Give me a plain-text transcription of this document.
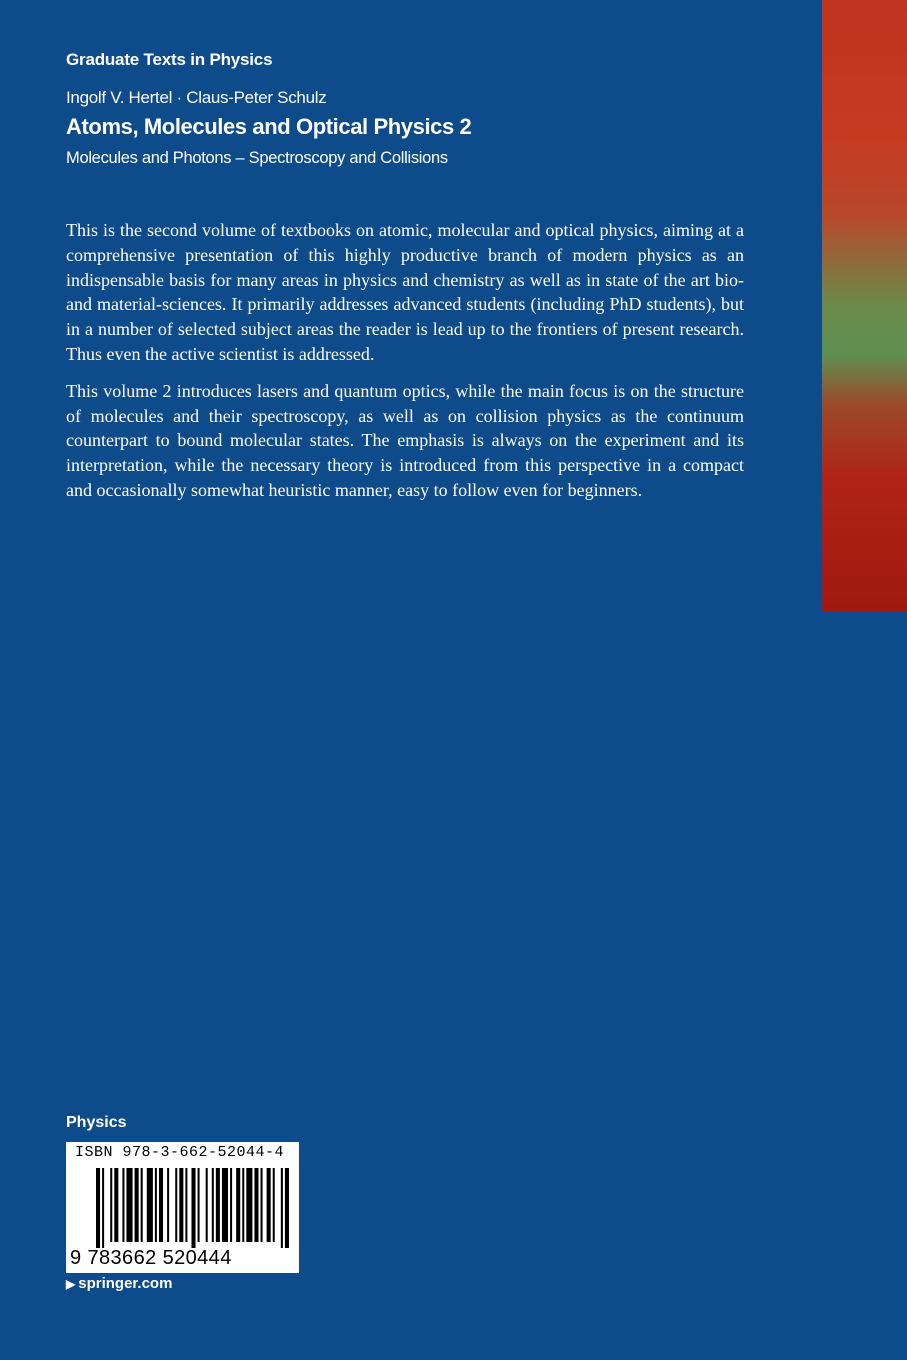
Graduate Texts in Physics
Ingolf V. Hertel · Claus-Peter Schulz
Atoms, Molecules and Optical Physics 2
Molecules and Photons – Spectroscopy and Collisions

This is the second volume of textbooks on atomic, molecular and optical physics, aiming at a comprehensive presentation of this highly productive branch of modern physics as an indispensable basis for many areas in physics and chemistry as well as in state of the art bio- and material-sciences. It primarily addresses advanced students (including PhD students), but in a number of selected subject areas the reader is lead up to the frontiers of present research. Thus even the active scientist is addressed.

This volume 2 introduces lasers and quantum optics, while the main focus is on the structure of molecules and their spectroscopy, as well as on collision physics as the continuum counterpart to bound molecular states. The emphasis is always on the experiment and its interpretation, while the necessary theory is introduced from this perspective in a compact and occasionally somewhat heuristic manner, easy to follow even for beginners.

Physics
ISBN 978-3-662-52044-4
9 783662 520444
▶ springer.com
